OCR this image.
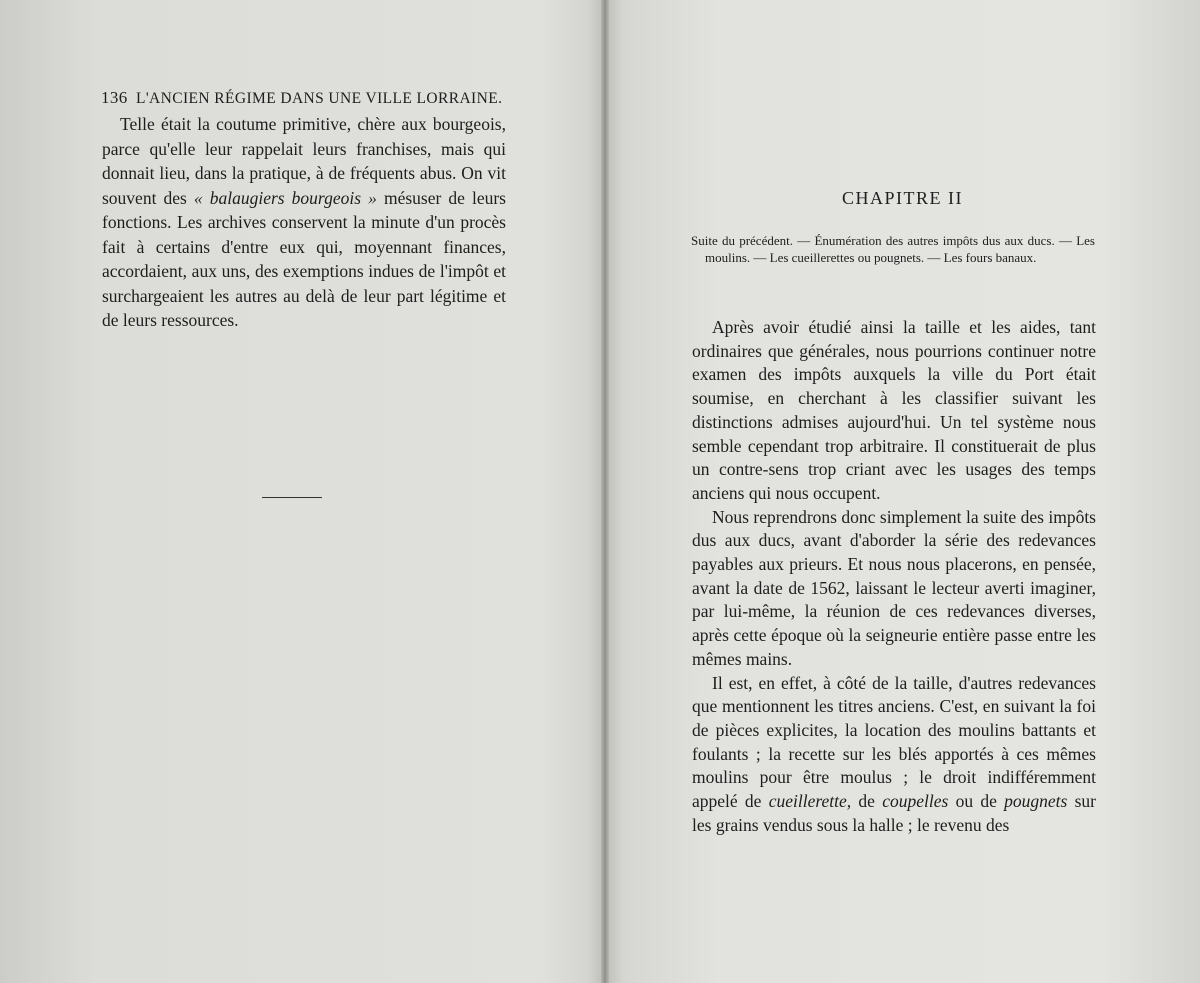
136 L'ANCIEN RÉGIME DANS UNE VILLE LORRAINE.

Telle était la coutume primitive, chère aux bourgeois, parce qu'elle leur rappelait leurs franchises, mais qui donnait lieu, dans la pratique, à de fréquents abus. On vit souvent des « balaugiers bourgeois » mésuser de leurs fonctions. Les archives conservent la minute d'un procès fait à certains d'entre eux qui, moyennant finances, accordaient, aux uns, des exemptions indues de l'impôt et surchargeaient les autres au delà de leur part légitime et de leurs ressources.

CHAPITRE II

Suite du précédent. — Énumération des autres impôts dus aux ducs. — Les moulins. — Les cueillerettes ou pougnets. — Les fours banaux.

Après avoir étudié ainsi la taille et les aides, tant ordinaires que générales, nous pourrions continuer notre examen des impôts auxquels la ville du Port était soumise, en cherchant à les classifier suivant les distinctions admises aujourd'hui. Un tel système nous semble cependant trop arbitraire. Il constituerait de plus un contre-sens trop criant avec les usages des temps anciens qui nous occupent.

Nous reprendrons donc simplement la suite des impôts dus aux ducs, avant d'aborder la série des redevances payables aux prieurs. Et nous nous placerons, en pensée, avant la date de 1562, laissant le lecteur averti imaginer, par lui-même, la réunion de ces redevances diverses, après cette époque où la seigneurie entière passe entre les mêmes mains.

Il est, en effet, à côté de la taille, d'autres redevances que mentionnent les titres anciens. C'est, en suivant la foi de pièces explicites, la location des moulins battants et foulants ; la recette sur les blés apportés à ces mêmes moulins pour être moulus ; le droit indifféremment appelé de cueillerette, de coupelles ou de pougnets sur les grains vendus sous la halle ; le revenu des
